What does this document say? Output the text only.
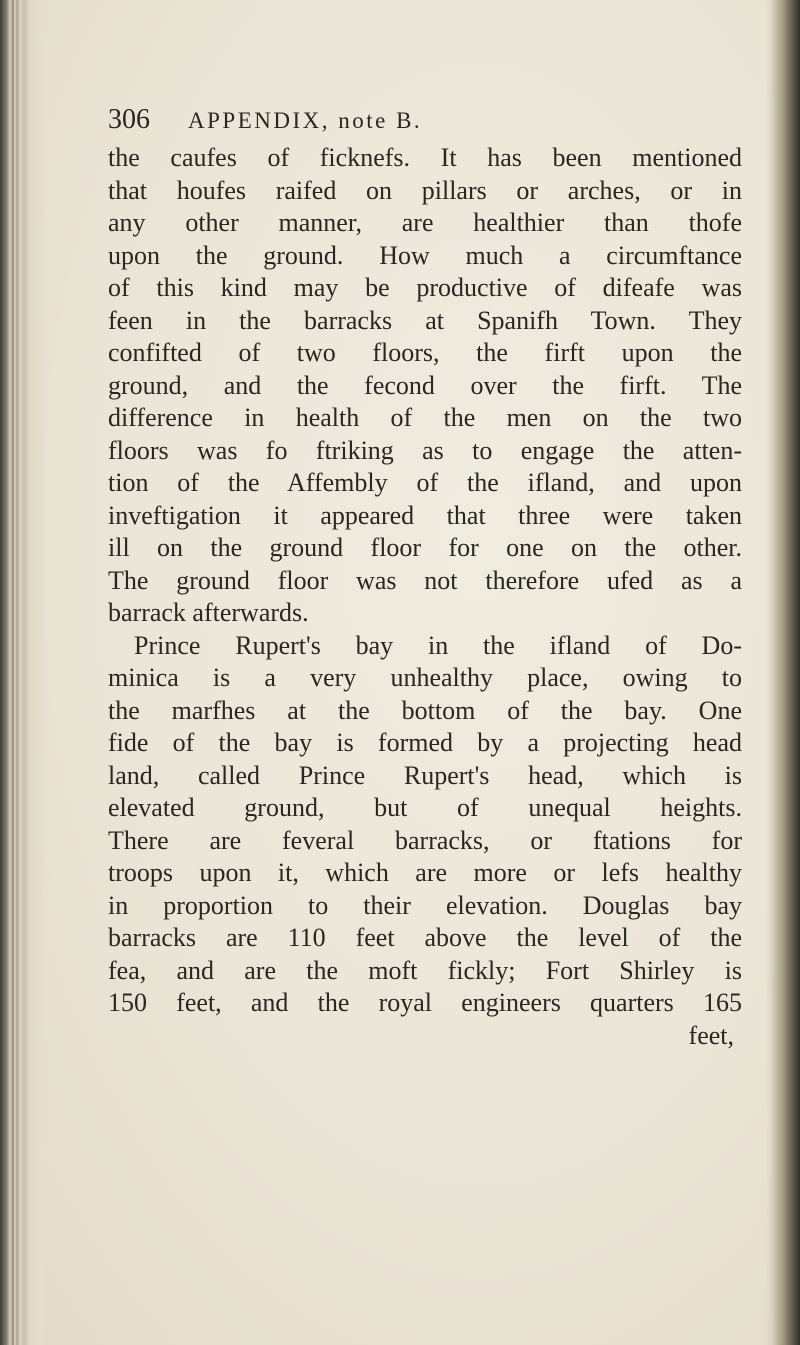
306 APPENDIX, note B.
the caufes of ficknefs. It has been mentioned
that houfes raifed on pillars or arches, or in
any other manner, are healthier than thofe
upon the ground. How much a circumftance
of this kind may be productive of difeafe was
feen in the barracks at Spanifh Town. They
confifted of two floors, the firft upon the
ground, and the fecond over the firft. The
difference in health of the men on the two
floors was fo ftriking as to engage the atten-
tion of the Affembly of the ifland, and upon
inveftigation it appeared that three were taken
ill on the ground floor for one on the other.
The ground floor was not therefore ufed as a
barrack afterwards.
Prince Rupert's bay in the ifland of Do-
minica is a very unhealthy place, owing to
the marfhes at the bottom of the bay. One
fide of the bay is formed by a projecting head
land, called Prince Rupert's head, which is
elevated ground, but of unequal heights.
There are feveral barracks, or ftations for
troops upon it, which are more or lefs healthy
in proportion to their elevation. Douglas bay
barracks are 110 feet above the level of the
fea, and are the moft fickly; Fort Shirley is
150 feet, and the royal engineers quarters 165
feet,
